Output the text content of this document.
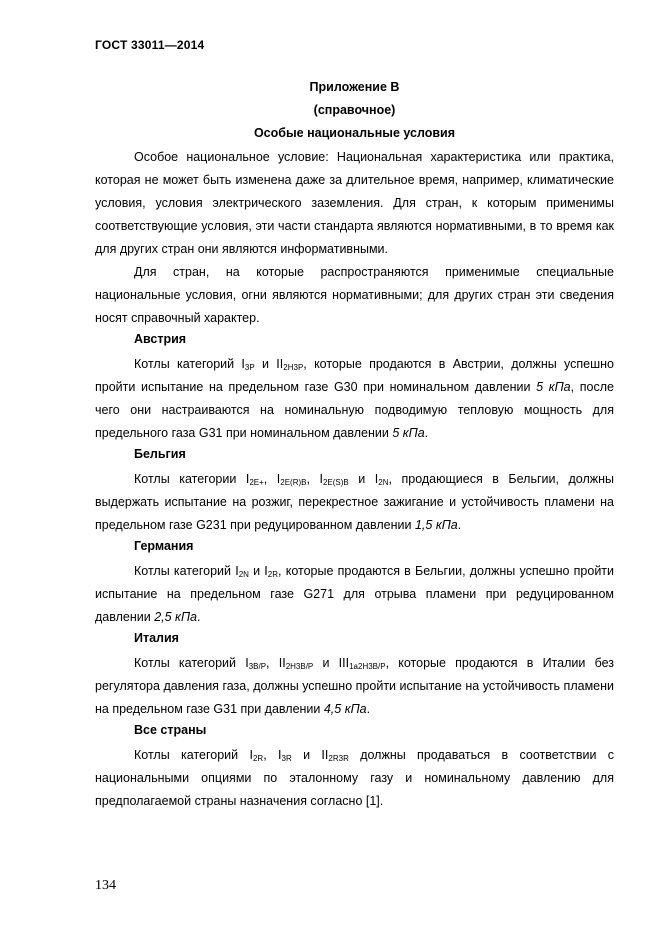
ГОСТ 33011—2014
Приложение В
(справочное)
Особые национальные условия

Особое национальное условие: Национальная характеристика или практика, которая не может быть изменена даже за длительное время, например, климатические условия, условия электрического заземления. Для стран, к которым применимы соответствующие условия, эти части стандарта являются нормативными, в то время как для других стран они являются информативными.

Для стран, на которые распространяются применимые специальные национальные условия, огни являются нормативными; для других стран эти сведения носят справочный характер.

Австрия

Котлы категорий $I_{3P}$ и $II_{2H3P}$, которые продаются в Австрии, должны успешно пройти испытание на предельном газе G30 при номинальном давлении 5 кПа, после чего они настраиваются на номинальную подводимую тепловую мощность для предельного газа G31 при номинальном давлении 5 кПа.

Бельгия

Котлы категории $I_{2E+}$, $I_{2E(R)B}$, $I_{2E(S)B}$ и $I_{2N}$, продающиеся в Бельгии, должны выдержать испытание на розжиг, перекрестное зажигание и устойчивость пламени на предельном газе G231 при редуцированном давлении 1,5 кПа.

Германия

Котлы категорий $I_{2N}$ и $I_{2R}$, которые продаются в Бельгии, должны успешно пройти испытание на предельном газе G271 для отрыва пламени при редуцированном давлении 2,5 кПа.

Италия

Котлы категорий $I_{3B/P}$, $II_{2H3B/P}$ и $III_{1a2H3B/P}$, которые продаются в Италии без регулятора давления газа, должны успешно пройти испытание на устойчивость пламени на предельном газе G31 при давлении 4,5 кПа.

Все страны

Котлы категорий $I_{2R}$, $I_{3R}$ и $II_{2R3R}$ должны продаваться в соответствии с национальными опциями по эталонному газу и номинальному давлению для предполагаемой страны назначения согласно [1].

134
